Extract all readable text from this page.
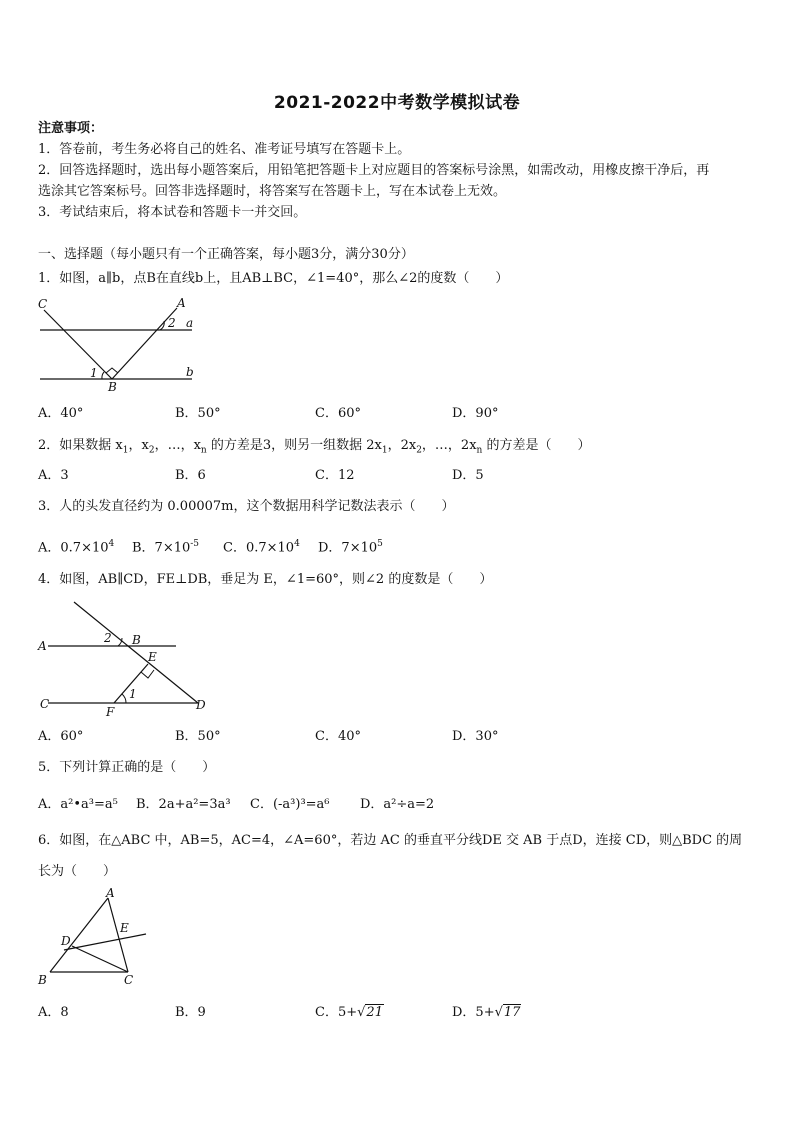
2021-2022中考数学模拟试卷
注意事项：
1．答卷前，考生务必将自己的姓名、准考证号填写在答题卡上。
2．回答选择题时，选出每小题答案后，用铅笔把答题卡上对应题目的答案标号涂黑，如需改动，用橡皮擦干净后，再
选涂其它答案标号。回答非选择题时，将答案写在答题卡上，写在本试卷上无效。
3．考试结束后，将本试卷和答题卡一并交回。
一、选择题（每小题只有一个正确答案，每小题3分，满分30分）
1．如图，a∥b，点B在直线b上，且AB⊥BC，∠1=40°，那么∠2的度数（　　）
C	A
2 a
1
B
b
A．40°	B．50°	C．60°	D．90°
2．如果数据 $x_1$，$x_2$，…，$x_n$ 的方差是3，则另一组数据 $2x_1$，$2x_2$，…，$2x_n$ 的方差是（　　）
A．3	B．6	C．12	D．5
3．人的头发直径约为 0.00007m，这个数据用科学记数法表示（　　）
A．$0.7\times 10^4$ B．$7\times 10^{-5}$ C．$0.7\times 10^4$ D．$7\times 10^5$
4．如图，AB∥CD，FE⊥DB，垂足为 E，∠1=60°，则∠2 的度数是（　　）
A
2 B
E
1
C
F	D
A．60°	B．50°	C．40°	D．30°
5．下列计算正确的是（　　）
A．a²•a³=a⁵ B．2a+a²=3a³ C．(-a³)³=a⁶ D．a²÷a=2
6．如图，在△ABC 中，AB=5，AC=4，∠A=60°，若边 AC 的垂直平分线DE 交 AB 于点D，连接 CD，则△BDC 的周
长为（　　）
A
E
D
B	C
A．8	B．9	C．5+√21	D．5+√17
